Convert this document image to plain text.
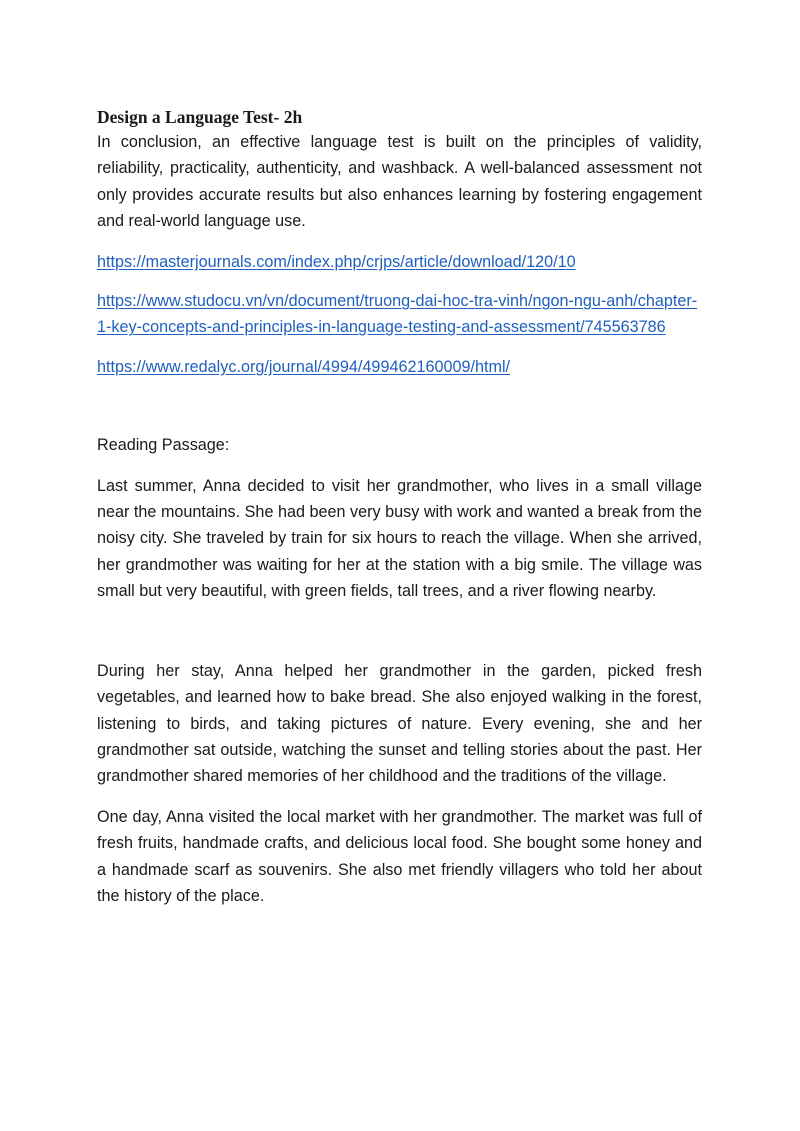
Design a Language Test- 2h

In conclusion, an effective language test is built on the principles of validity, reliability, practicality, authenticity, and washback. A well-balanced assessment not only provides accurate results but also enhances learning by fostering engagement and real-world language use.

https://masterjournals.com/index.php/crjps/article/download/120/10
https://www.studocu.vn/vn/document/truong-dai-hoc-tra-vinh/ngon-ngu-anh/chapter-1-key-concepts-and-principles-in-language-testing-and-assessment/745563786
https://www.redalyc.org/journal/4994/499462160009/html/

Reading Passage:

Last summer, Anna decided to visit her grandmother, who lives in a small village near the mountains. She had been very busy with work and wanted a break from the noisy city. She traveled by train for six hours to reach the village. When she arrived, her grandmother was waiting for her at the station with a big smile. The village was small but very beautiful, with green fields, tall trees, and a river flowing nearby.

During her stay, Anna helped her grandmother in the garden, picked fresh vegetables, and learned how to bake bread. She also enjoyed walking in the forest, listening to birds, and taking pictures of nature. Every evening, she and her grandmother sat outside, watching the sunset and telling stories about the past. Her grandmother shared memories of her childhood and the traditions of the village.

One day, Anna visited the local market with her grandmother. The market was full of fresh fruits, handmade crafts, and delicious local food. She bought some honey and a handmade scarf as souvenirs. She also met friendly villagers who told her about the history of the place.
